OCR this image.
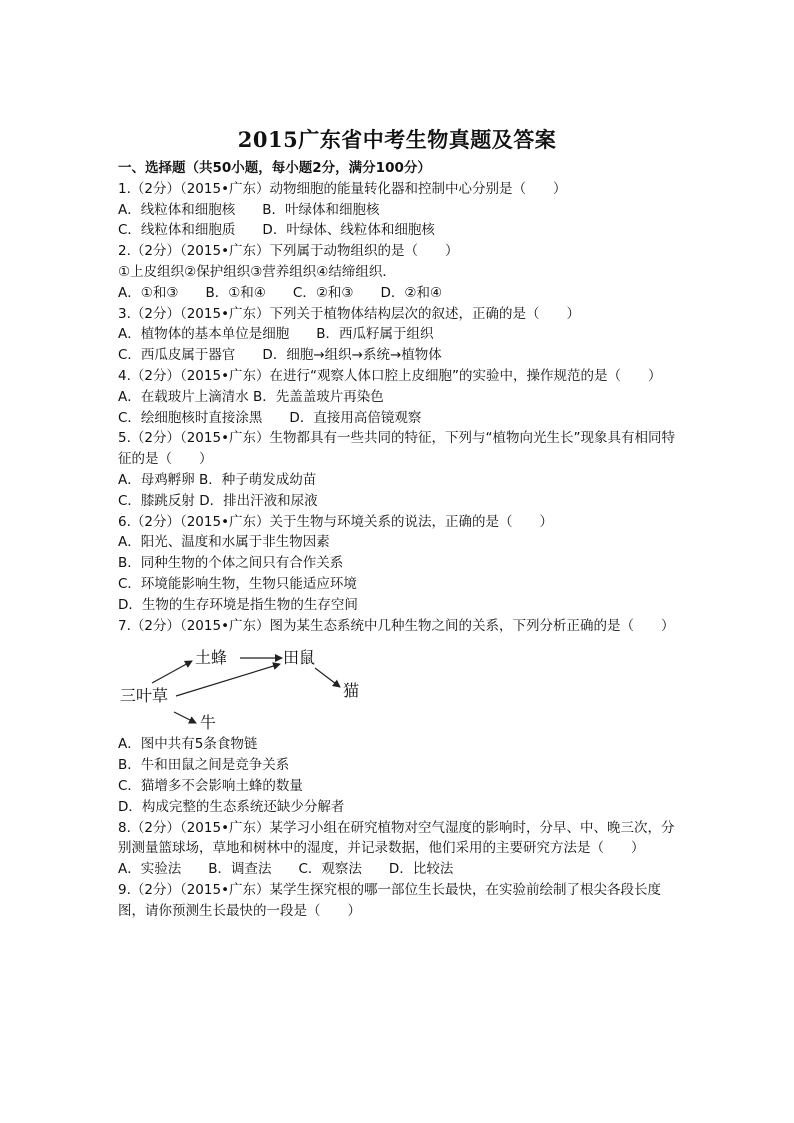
2015广东省中考生物真题及答案
一、选择题（共50小题，每小题2分，满分100分）
1.（2分）（2015•广东）动物细胞的能量转化器和控制中心分别是（　　）
A．线粒体和细胞核　　B．叶绿体和细胞核
C．线粒体和细胞质　　D．叶绿体、线粒体和细胞核
2.（2分）（2015•广东）下列属于动物组织的是（　　）
①上皮组织②保护组织③营养组织④结缔组织．
A．①和③　　B．①和④　　C．②和③　　D．②和④
3.（2分）（2015•广东）下列关于植物体结构层次的叙述，正确的是（　　）
A．植物体的基本单位是细胞　　B．西瓜籽属于组织
C．西瓜皮属于器官　　D．细胞→组织→系统→植物体
4.（2分）（2015•广东）在进行“观察人体口腔上皮细胞”的实验中，操作规范的是（　　）
A．在载玻片上滴清水 B．先盖盖玻片再染色
C．绘细胞核时直接涂黑　　D．直接用高倍镜观察
5.（2分）（2015•广东）生物都具有一些共同的特征，下列与“植物向光生长”现象具有相同特征的是（　　）
A．母鸡孵卵 B．种子萌发成幼苗
C．膝跳反射 D．排出汗液和尿液
6.（2分）（2015•广东）关于生物与环境关系的说法，正确的是（　　）
A．阳光、温度和水属于非生物因素
B．同种生物的个体之间只有合作关系
C．环境能影响生物，生物只能适应环境
D．生物的生存环境是指生物的生存空间
7.（2分）（2015•广东）图为某生态系统中几种生物之间的关系，下列分析正确的是（　　）
三叶草
土蜂	田鼠
猫
牛
A．图中共有5条食物链
B．牛和田鼠之间是竞争关系
C．猫增多不会影响土蜂的数量
D．构成完整的生态系统还缺少分解者
8.（2分）（2015•广东）某学习小组在研究植物对空气湿度的影响时，分早、中、晚三次，分别测量篮球场，草地和树林中的湿度，并记录数据，他们采用的主要研究方法是（　　）
A．实验法　　B．调查法　　C．观察法　　D．比较法
9.（2分）（2015•广东）某学生探究根的哪一部位生长最快，在实验前绘制了根尖各段长度图，请你预测生长最快的一段是（　　）
